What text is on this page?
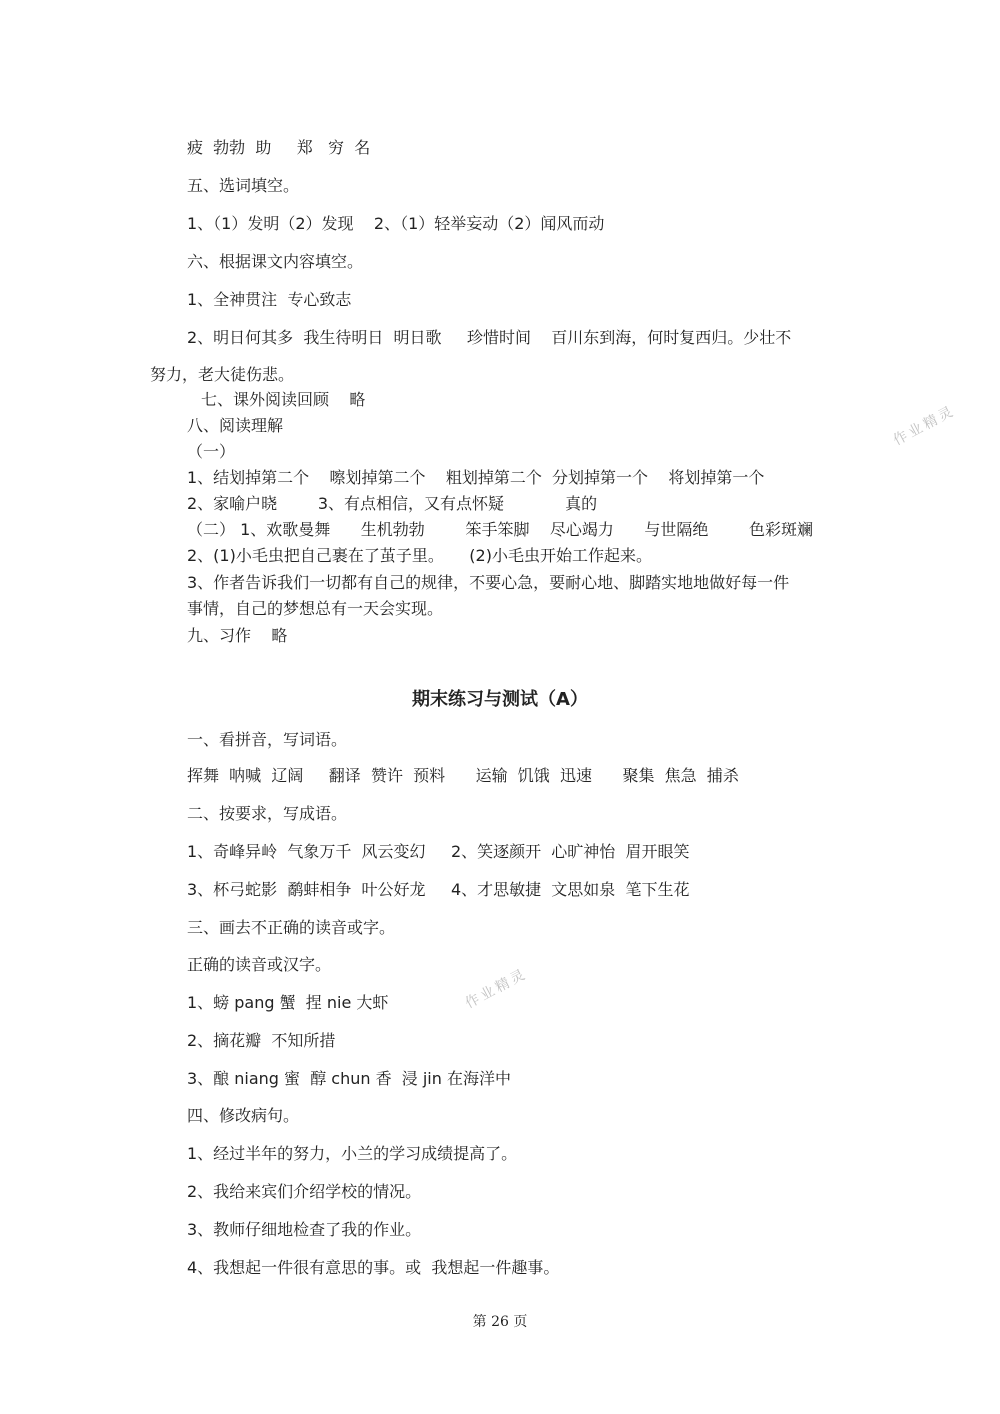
疲  勃勃  助     郑   穷  名
五、选词填空。
1、（1）发明（2）发现    2、（1）轻举妄动（2）闻风而动
六、根据课文内容填空。
1、全神贯注  专心致志
2、明日何其多  我生待明日  明日歌     珍惜时间    百川东到海，何时复西归。少壮不
努力，老大徒伤悲。
七、课外阅读回顾    略
八、阅读理解
（一）
1、结划掉第二个    嚓划掉第二个    粗划掉第二个  分划掉第一个    将划掉第一个
2、家喻户晓        3、有点相信，又有点怀疑            真的
（二） 1、欢歌曼舞      生机勃勃        笨手笨脚    尽心竭力      与世隔绝        色彩斑斓
2、(1)小毛虫把自己裹在了茧子里。     (2)小毛虫开始工作起来。
3、作者告诉我们一切都有自己的规律，不要心急，要耐心地、脚踏实地地做好每一件
事情，自己的梦想总有一天会实现。
九、习作    略
期末练习与测试（A）
一、看拼音，写词语。
挥舞  呐喊  辽阔     翻译  赞许  预料      运输  饥饿  迅速      聚集  焦急  捕杀
二、按要求，写成语。
1、奇峰异岭  气象万千  风云变幻     2、笑逐颜开  心旷神怡  眉开眼笑
3、杯弓蛇影  鹬蚌相争  叶公好龙     4、才思敏捷  文思如泉  笔下生花
三、画去不正确的读音或字。
正确的读音或汉字。
1、螃 pang 蟹  捏 nie 大虾
2、摘花瓣  不知所措
3、酿 niang 蜜  醇 chun 香  浸 jin 在海洋中
四、修改病句。
1、经过半年的努力，小兰的学习成绩提高了。
2、我给来宾们介绍学校的情况。
3、教师仔细地检查了我的作业。
4、我想起一件很有意思的事。或  我想起一件趣事。
作业精灵
作业精灵
第 26 页
